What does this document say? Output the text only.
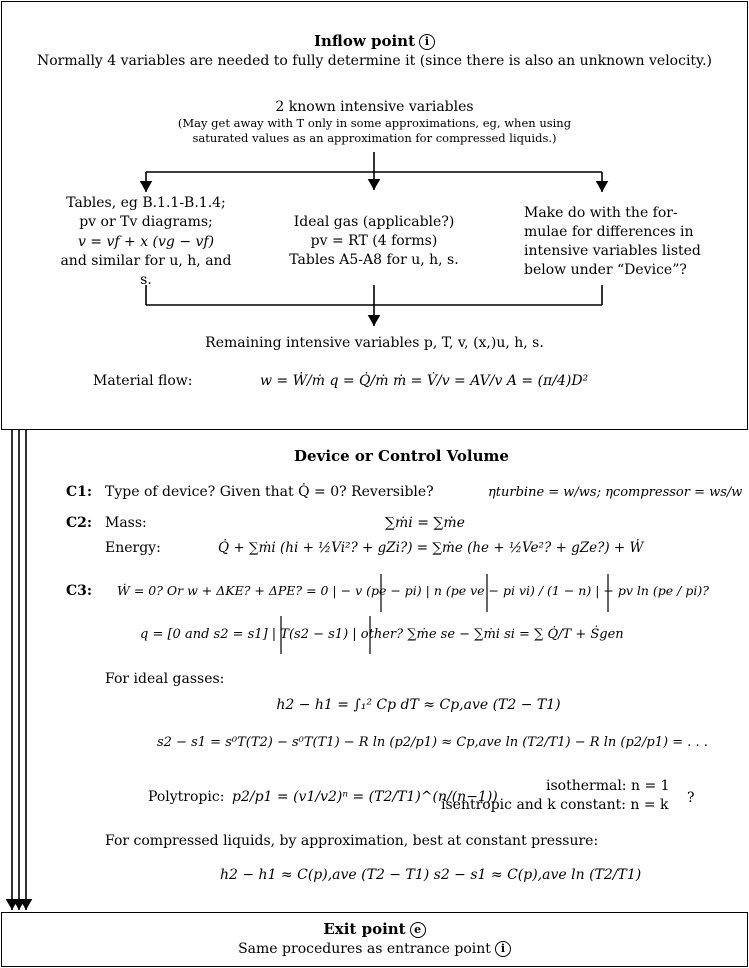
Inflow point i
Normally 4 variables are needed to fully determine it (since there is also an unknown velocity.)
2 known intensive variables
(May get away with T only in some approximations, eg, when using
saturated values as an approximation for compressed liquids.)
Tables, eg B.1.1-B.1.4;
pv or Tv diagrams;
v = vf + x (vg − vf)
and similar for u, h, and
s.
Ideal gas (applicable?)
pv = RT (4 forms)
Tables A5-A8 for u, h, s.
Make do with the for-
mulae for differences in
intensive variables listed
below under “Device”?
Remaining intensive variables p, T, v, (x,)u, h, s.
Material flow:	w = Ẇ/ṁ q = Q̇/ṁ ṁ = V̇/v = AV/v A = (π/4)D²
Device or Control Volume
C1: Type of device? Given that Q̇ = 0? Reversible?	ηturbine = w/ws; ηcompressor = ws/w
C2: Mass:	∑ṁi = ∑ṁe
Energy:	Q̇ + ∑ṁi (hi + ½Vi²? + gZi?) = ∑ṁe (he + ½Ve²? + gZe?) + Ẇ
C3: Ẇ = 0? Or w + ΔKE? + ΔPE? = 0 | − v (pe − pi) | n (pe ve − pi vi) / (1 − n) | − pv ln (pe / pi)?
q = [0 and s2 = s1] | T(s2 − s1) | other? ∑ṁe se − ∑ṁi si = ∑ Q̇/T + Ṡgen
For ideal gasses:
h2 − h1 = ∫₁² Cp dT ≈ Cp,ave (T2 − T1)
s2 − s1 = s⁰T(T2) − s⁰T(T1) − R ln (p2/p1) ≈ Cp,ave ln (T2/T1) − R ln (p2/p1) = . . .
Polytropic: p2/p1 = (v1/v2)ⁿ = (T2/T1)^(n/(n−1))
isothermal: n = 1
isentropic and k constant: n = k ?
For compressed liquids, by approximation, best at constant pressure:
h2 − h1 ≈ C(p),ave (T2 − T1) s2 − s1 ≈ C(p),ave ln (T2/T1)
Exit point e
Same procedures as entrance point i
